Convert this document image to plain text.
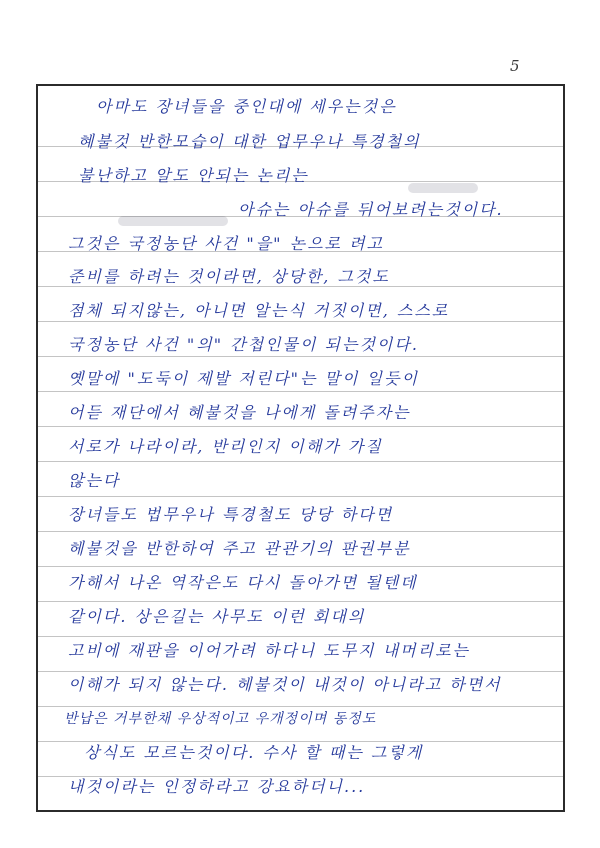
5
아마도 장녀들을 중인대에 세우는것은
혜불것 반한모습이 대한 업무우나 특경철의
불난하고 알도 안되는 논리는
아슈는 아슈를 뒤어보려는것이다.
그것은 국정농단 사건 "을" 논으로 려고
준비를 하려는 것이라면, 상당한, 그것도
점체 되지않는, 아니면 알는식 거짓이면, 스스로
국정농단 사건 "의" 간첩인물이 되는것이다.
옛말에 "도둑이 제발 저린다"는 말이 일듯이
어듣 재단에서 혜불것을 나에게 돌려주자는
서로가 나라이라, 반리인지 이해가 가질
않는다
장녀들도 법무우나 특경철도 당당 하다면
헤불것을 반한하여 주고 관관기의 판권부분
가해서 나온 역작은도 다시 돌아가면 될텐데
같이다. 상은길는 사무도 이런 회대의
고비에 재판을 이어가려 하다니 도무지 내머리로는
이해가 되지 않는다. 헤불것이 내것이 아니라고 하면서
반납은 거부한채 우상적이고 우개정이며 동정도
상식도 모르는것이다. 수사 할 때는 그렇게
내것이라는 인정하라고 강요하더니...
